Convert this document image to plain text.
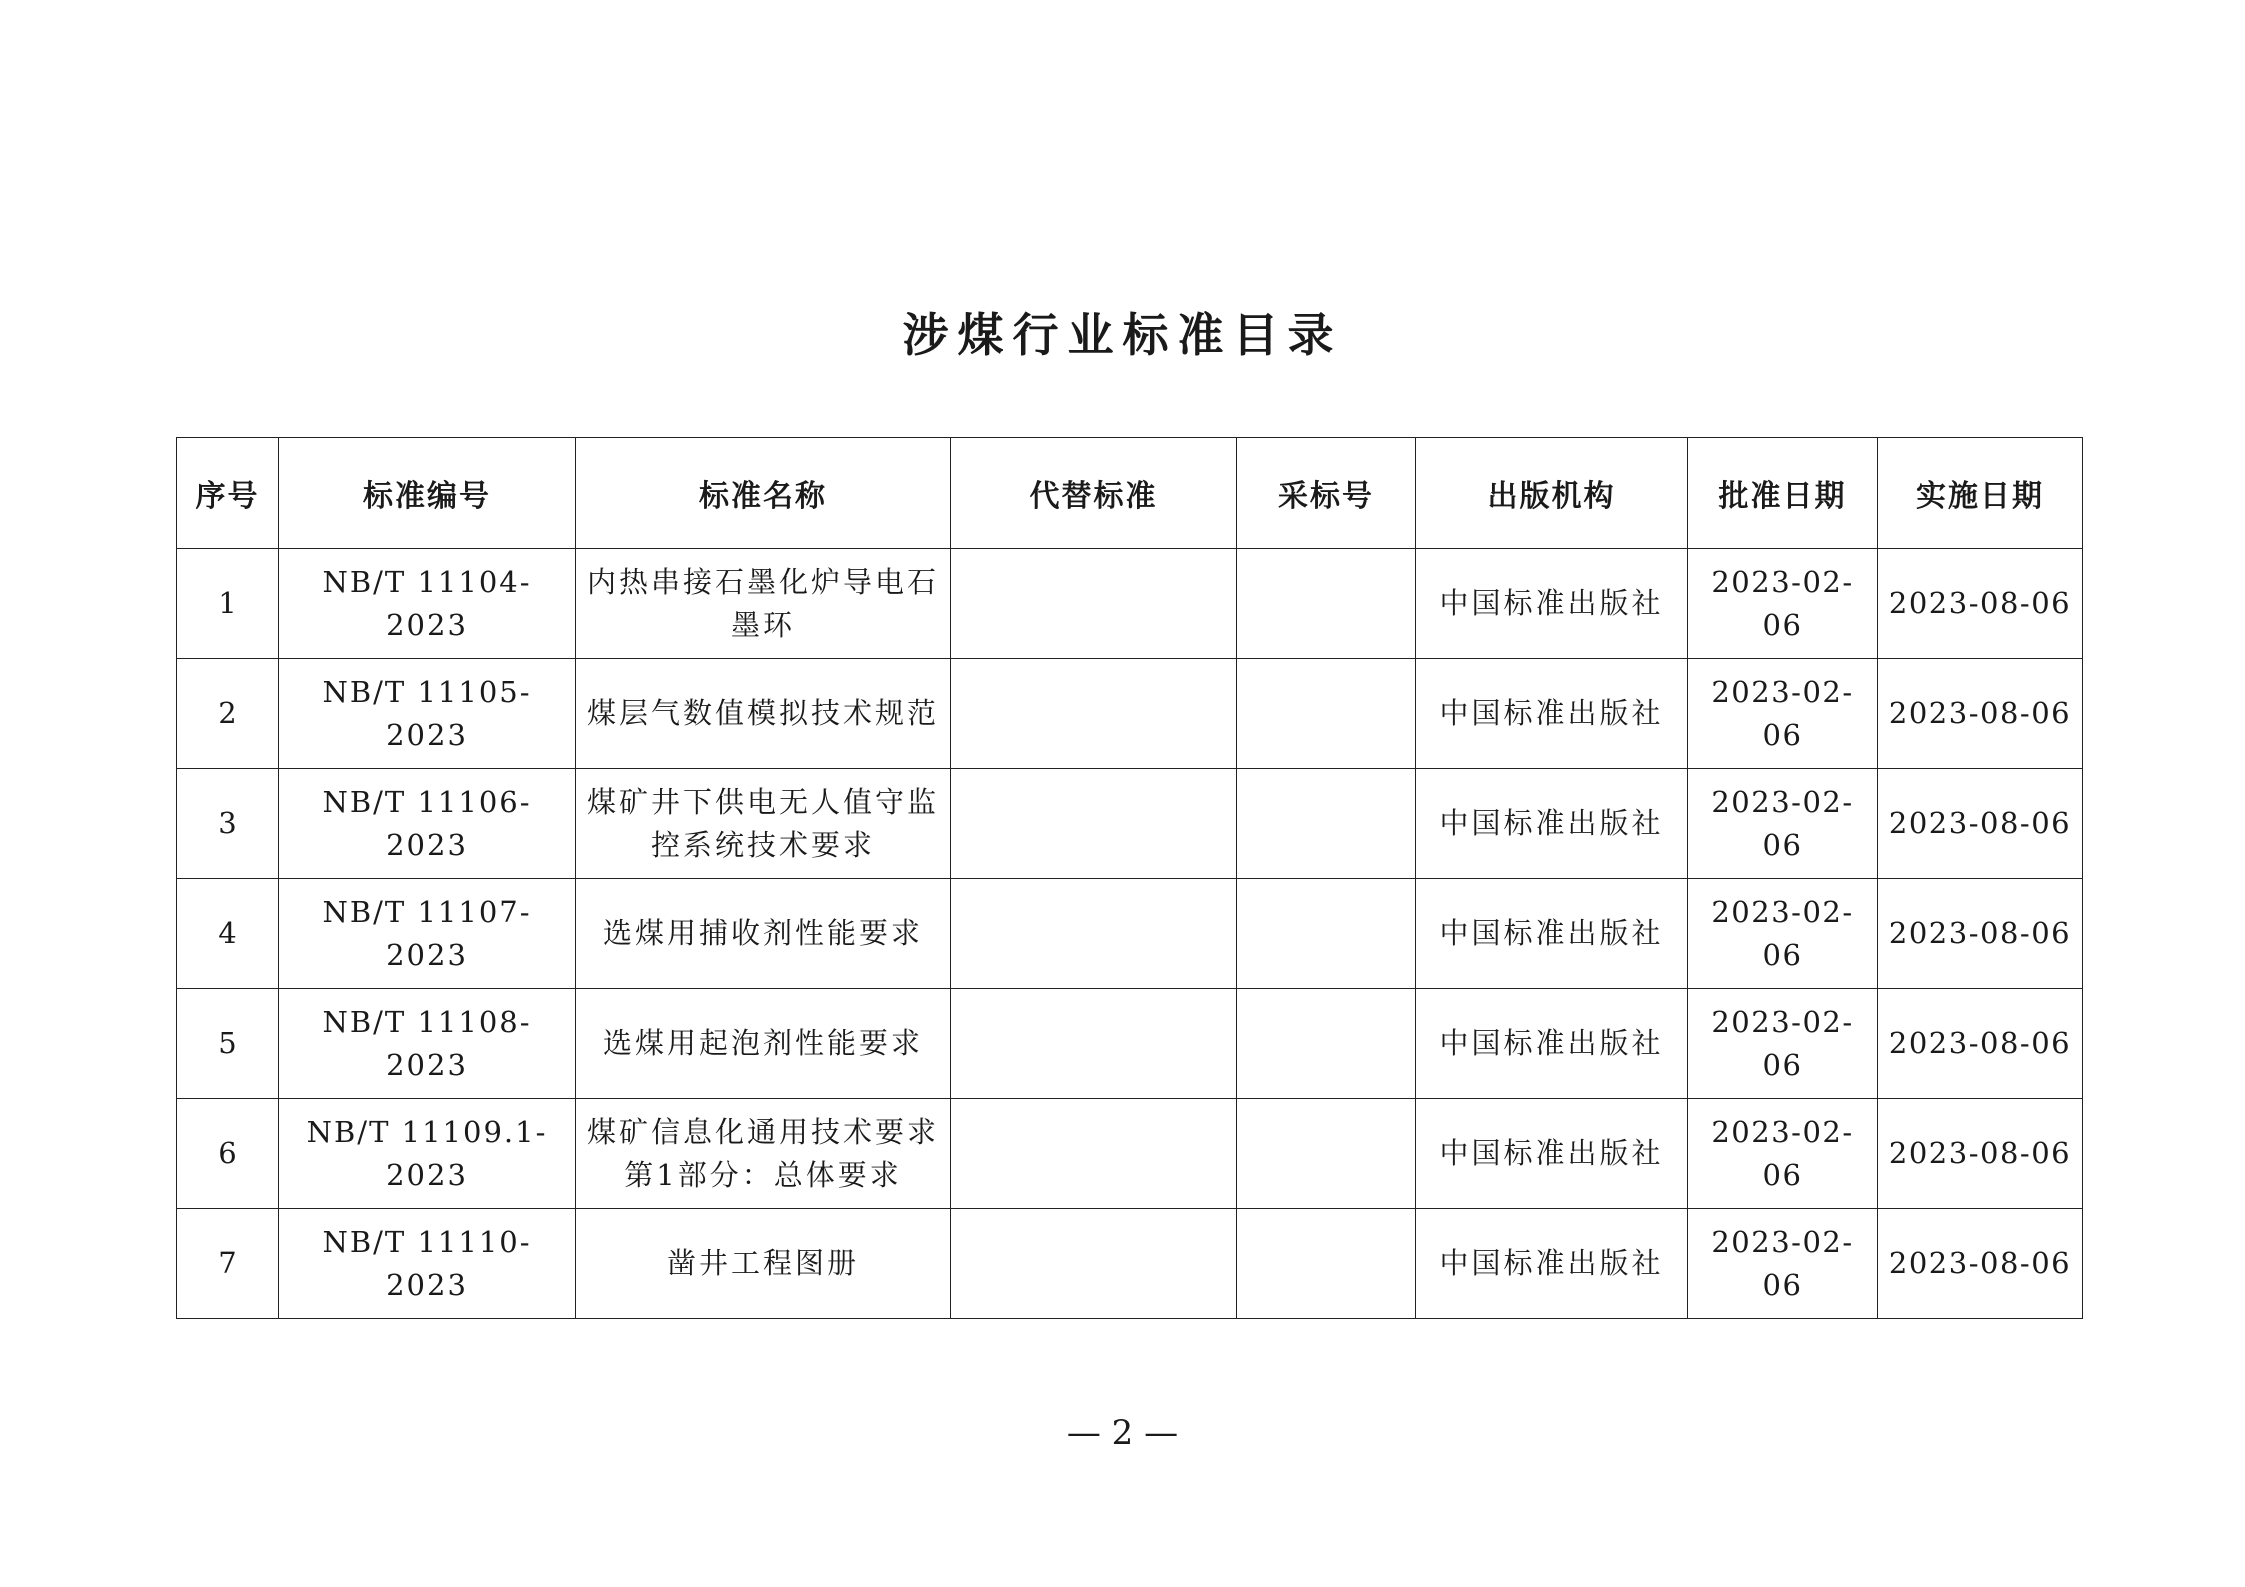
涉煤行业标准目录
序号	标准编号	标准名称	代替标准	采标号	出版机构	批准日期	实施日期
1	NB/T 11104-2023	内热串接石墨化炉导电石墨环			中国标准出版社	2023-02-06	2023-08-06
2	NB/T 11105-2023	煤层气数值模拟技术规范			中国标准出版社	2023-02-06	2023-08-06
3	NB/T 11106-2023	煤矿井下供电无人值守监控系统技术要求			中国标准出版社	2023-02-06	2023-08-06
4	NB/T 11107-2023	选煤用捕收剂性能要求			中国标准出版社	2023-02-06	2023-08-06
5	NB/T 11108-2023	选煤用起泡剂性能要求			中国标准出版社	2023-02-06	2023-08-06
6	NB/T 11109.1-2023	煤矿信息化通用技术要求 第1部分：总体要求			中国标准出版社	2023-02-06	2023-08-06
7	NB/T 11110-2023	凿井工程图册			中国标准出版社	2023-02-06	2023-08-06
— 2 —
